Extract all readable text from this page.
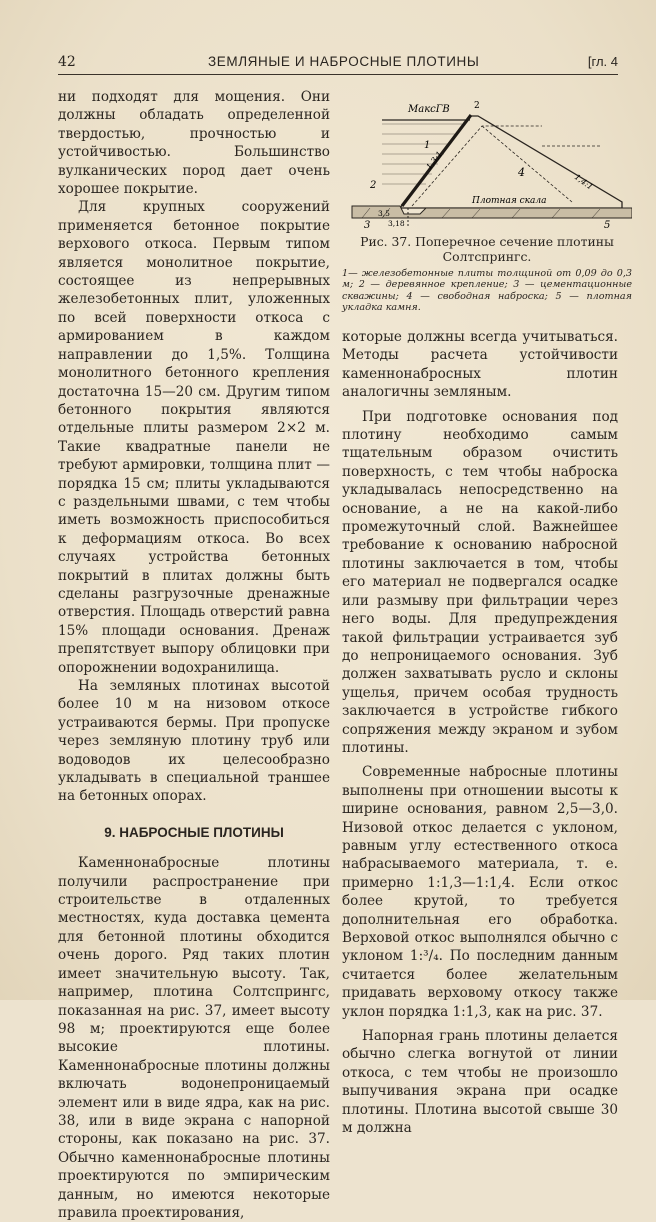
42	ЗЕМЛЯНЫЕ И НАБРОСНЫЕ ПЛОТИНЫ	[гл. 4

ни подходят для мощения. Они должны обладать определенной твердостью, прочностью и устойчивостью. Большинство вулканических пород дает очень хорошее покрытие.

Для крупных сооружений применяется бетонное покрытие верхового откоса. Первым типом является монолитное покрытие, состоящее из непрерывных железобетонных плит, уложенных по всей поверхности откоса с армированием в каждом направлении до 1,5%. Толщина монолитного бетонного крепления достаточна 15—20 см. Другим типом бетонного покрытия являются отдельные плиты размером 2×2 м. Такие квадратные панели не требуют армировки, толщина плит — порядка 15 см; плиты укладываются с раздельными швами, с тем чтобы иметь возможность приспособиться к деформациям откоса. Во всех случаях устройства бетонных покрытий в плитах должны быть сделаны разгрузочные дренажные отверстия. Площадь отверстий равна 15% площади основания. Дренаж препятствует выпору облицовки при опорожнении водохранилища.

На земляных плотинах высотой более 10 м на низовом откосе устраиваются бермы. При пропуске через земляную плотину труб или водоводов их целесообразно укладывать в специальной траншее на бетонных опорах.

9. НАБРОСНЫЕ ПЛОТИНЫ

Каменнонабросные плотины получили распространение при строительстве в отдаленных местностях, куда доставка цемента для бетонной плотины обходится очень дорого. Ряд таких плотин имеет значительную высоту. Так, например, плотина Солтспрингс, показанная на рис. 37, имеет высоту 98 м; проектируются еще более высокие плотины. Каменнонабросные плотины должны включать водонепроницаемый элемент или в виде ядра, как на рис. 38, или в виде экрана с напорной стороны, как показано на рис. 37. Обычно каменнонабросные плотины проектируются по эмпирическим данным, но имеются некоторые правила проектирования,

МаксГВ	2
1
2
3
4
5
1,3:1
1,4:1
3,5
3,18
Плотная скала
Рис. 37. Поперечное сечение плотины Солтспрингс.
1— железобетонные плиты толщиной от 0,09 до 0,3 м; 2 — деревянное крепление; 3 — цементационные скважины; 4 — свободная наброска; 5 — плотная укладка камня.

которые должны всегда учитываться. Методы расчета устойчивости каменнонабросных плотин аналогичны земляным.

При подготовке основания под плотину необходимо самым тщательным образом очистить поверхность, с тем чтобы наброска укладывалась непосредственно на основание, а не на какой-либо промежуточный слой. Важнейшее требование к основанию набросной плотины заключается в том, чтобы его материал не подвергался осадке или размыву при фильтрации через него воды. Для предупреждения такой фильтрации устраивается зуб до непроницаемого основания. Зуб должен захватывать русло и склоны ущелья, причем особая трудность заключается в устройстве гибкого сопряжения между экраном и зубом плотины.

Современные набросные плотины выполнены при отношении высоты к ширине основания, равном 2,5—3,0. Низовой откос делается с уклоном, равным углу естественного откоса набрасываемого материала, т. е. примерно 1:1,3—1:1,4. Если откос более крутой, то требуется дополнительная его обработка. Верховой откос выполнялся обычно с уклоном 1:³/₄. По последним данным считается более желательным придавать верховому откосу также уклон порядка 1:1,3, как на рис. 37.

Напорная грань плотины делается обычно слегка вогнутой от линии откоса, с тем чтобы не произошло выпучивания экрана при осадке плотины. Плотина высотой свыше 30 м должна
